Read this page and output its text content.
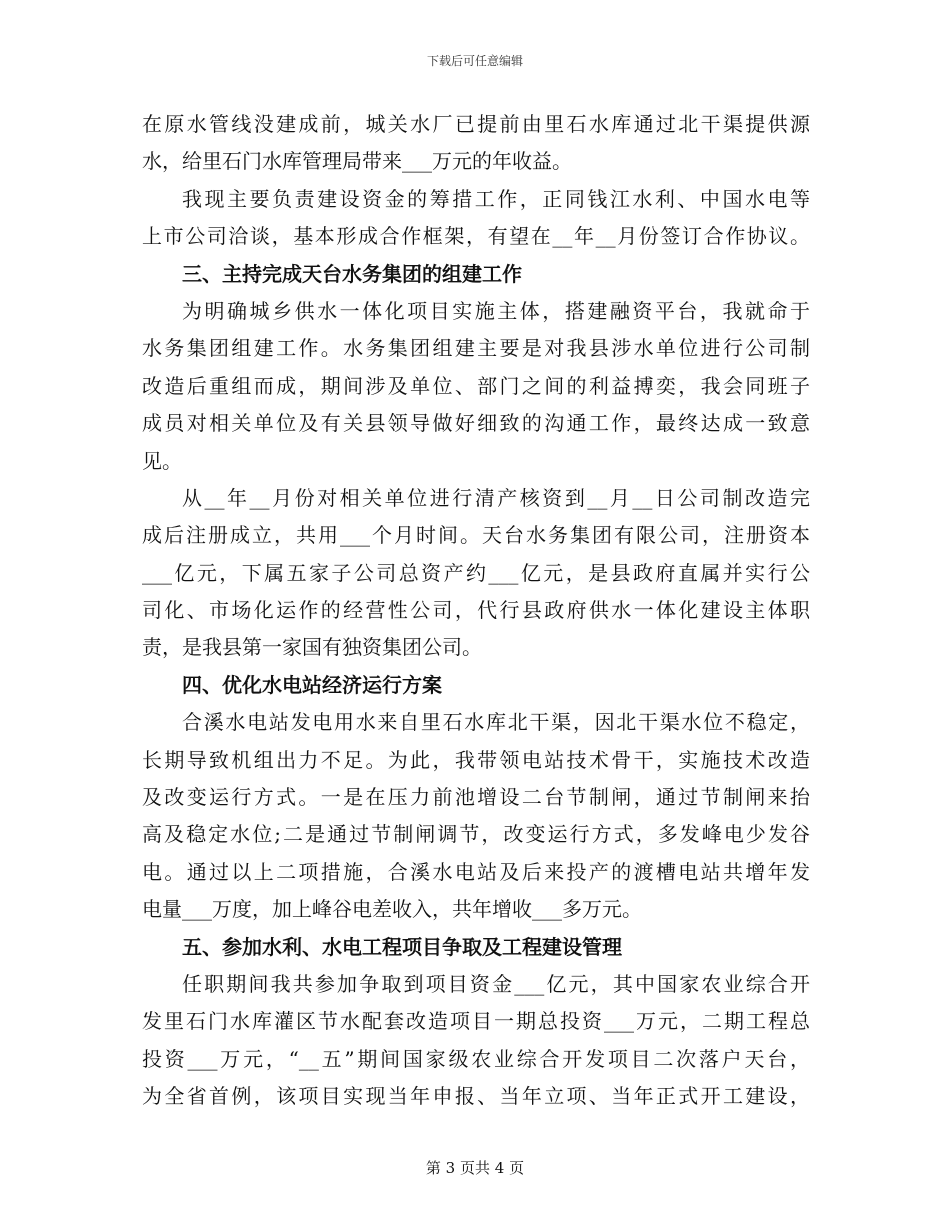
下载后可任意编辑
在原水管线没建成前，城关水厂已提前由里石水库通过北干渠提供源
水，给里石门水库管理局带来___万元的年收益。
我现主要负责建设资金的筹措工作，正同钱江水利、中国水电等
上市公司洽谈，基本形成合作框架，有望在__年__月份签订合作协议。
三、主持完成天台水务集团的组建工作
为明确城乡供水一体化项目实施主体，搭建融资平台，我就命于
水务集团组建工作。水务集团组建主要是对我县涉水单位进行公司制
改造后重组而成，期间涉及单位、部门之间的利益搏奕，我会同班子
成员对相关单位及有关县领导做好细致的沟通工作，最终达成一致意
见。
从__年__月份对相关单位进行清产核资到__月__日公司制改造完
成后注册成立，共用___个月时间。天台水务集团有限公司，注册资本
___亿元，下属五家子公司总资产约___亿元，是县政府直属并实行公
司化、市场化运作的经营性公司，代行县政府供水一体化建设主体职
责，是我县第一家国有独资集团公司。
四、优化水电站经济运行方案
合溪水电站发电用水来自里石水库北干渠，因北干渠水位不稳定，
长期导致机组出力不足。为此，我带领电站技术骨干，实施技术改造
及改变运行方式。一是在压力前池增设二台节制闸，通过节制闸来抬
高及稳定水位;二是通过节制闸调节，改变运行方式，多发峰电少发谷
电。通过以上二项措施，合溪水电站及后来投产的渡槽电站共增年发
电量___万度，加上峰谷电差收入，共年增收___多万元。
五、参加水利、水电工程项目争取及工程建设管理
任职期间我共参加争取到项目资金___亿元，其中国家农业综合开
发里石门水库灌区节水配套改造项目一期总投资___万元，二期工程总
投资___万元，“__五”期间国家级农业综合开发项目二次落户天台，
为全省首例，该项目实现当年申报、当年立项、当年正式开工建设，
第 3 页共 4 页
